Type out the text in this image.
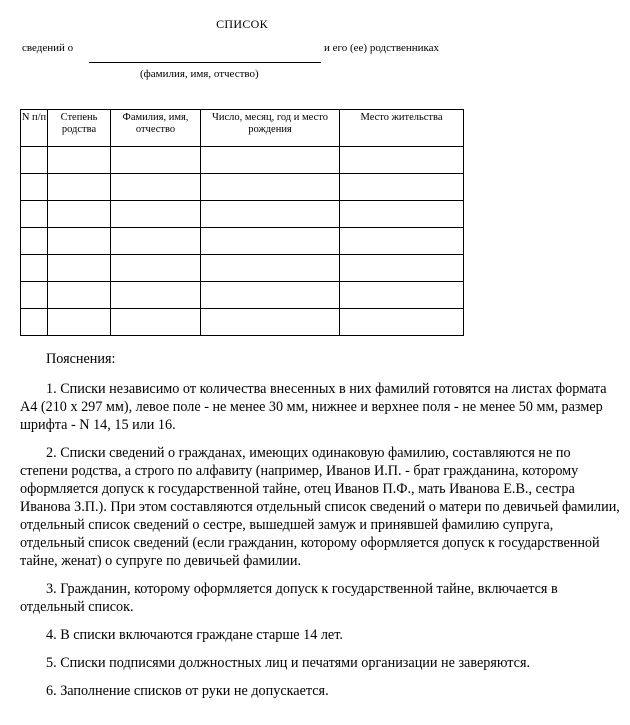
СПИСОК
сведений о	и его (ее) родственниках
(фамилия, имя, отчество)
N п/п	Степень родства	Фамилия, имя, отчество	Число, месяц, год и место рождения	Место жительства

Пояснения:

1. Списки независимо от количества внесенных в них фамилий готовятся на листах формата А4 (210 х 297 мм), левое поле - не менее 30 мм, нижнее и верхнее поля - не менее 50 мм, размер шрифта - N 14, 15 или 16.

2. Списки сведений о гражданах, имеющих одинаковую фамилию, составляются не по степени родства, а строго по алфавиту (например, Иванов И.П. - брат гражданина, которому оформляется допуск к государственной тайне, отец Иванов П.Ф., мать Иванова Е.В., сестра Иванова З.П.). При этом составляются отдельный список сведений о матери по девичьей фамилии, отдельный список сведений о сестре, вышедшей замуж и принявшей фамилию супруга, отдельный список сведений (если гражданин, которому оформляется допуск к государственной тайне, женат) о супруге по девичьей фамилии.

3. Гражданин, которому оформляется допуск к государственной тайне, включается в отдельный список.

4. В списки включаются граждане старше 14 лет.

5. Списки подписями должностных лиц и печатями организации не заверяются.

6. Заполнение списков от руки не допускается.
